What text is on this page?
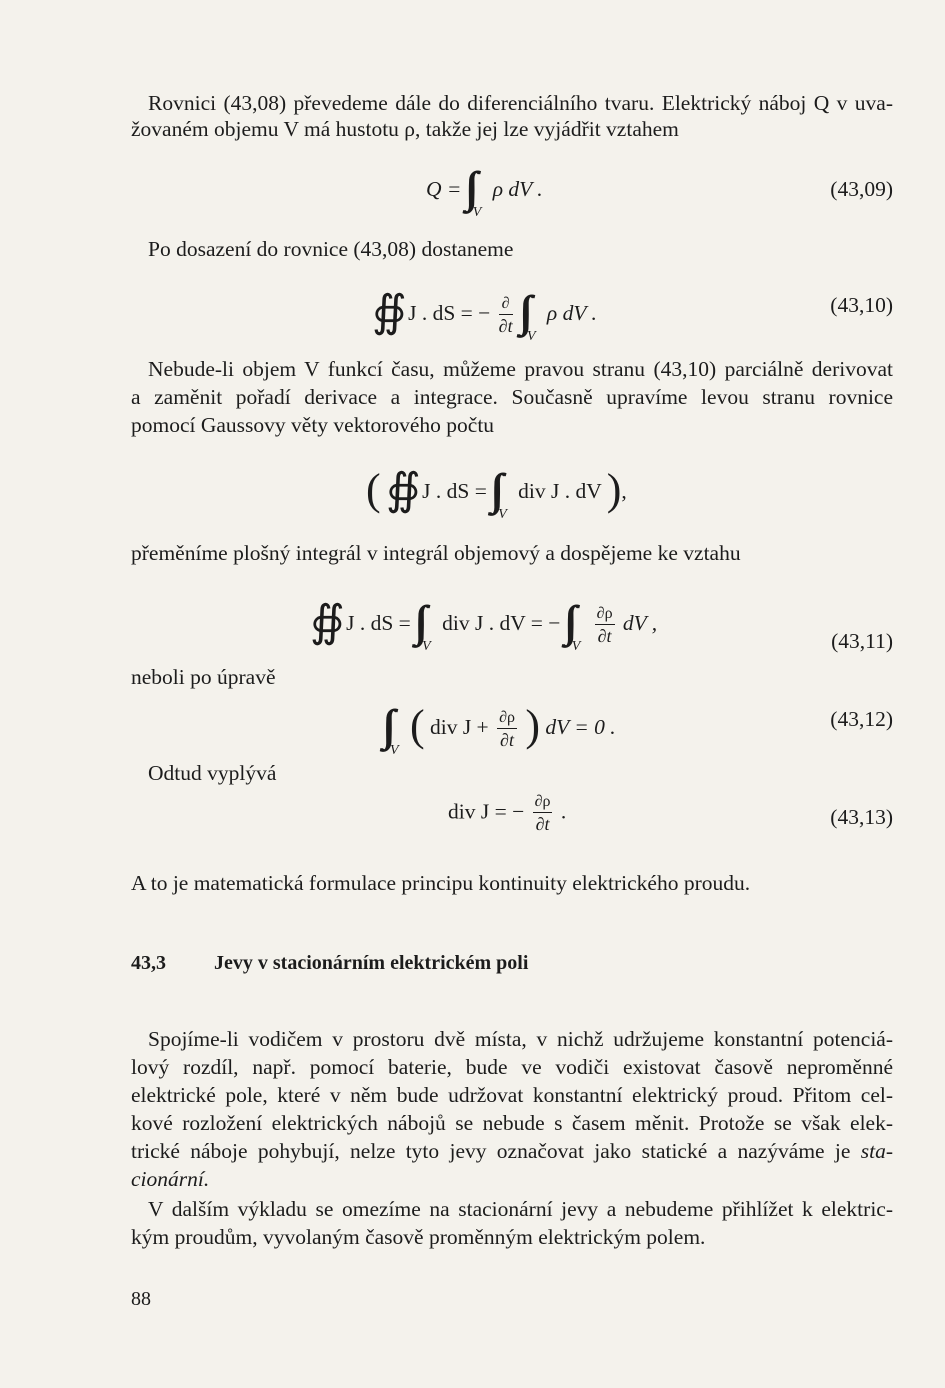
Rovnici (43,08) převedeme dále do diferenciálního tvaru. Elektrický náboj Q v uva-
žovaném objemu V má hustotu ρ, takže jej lze vyjádřit vztahem
Q = $_V$ ρ dV .	(43,09)
Po dosazení do rovnice (43,08) dostaneme
∯ J . dS = − $\frac{\partial}{\partial t}$
$_V$ ρ dV .	(43,10)
Nebude-li objem V funkcí času, můžeme pravou stranu (43,10) parciálně derivovat
a zaměnit pořadí derivace a integrace. Současně upravíme levou stranu rovnice
pomocí Gaussovy věty vektorového počtu
( ∯ J . dS = $_V$ div J . dV ),
přeměníme plošný integrál v integrál objemový a dospějeme ke vztahu
∯ J . dS = $_V$ div J . dV = − $_V$
$\frac{\partial\rho}{\partial t}$ dV ,
(43,11)
neboli po úpravě
$_V$ ( div $J + \frac{\partial\rho}{\partial t}$ ) dV = 0 .	(43,12)
Odtud vyplývá
div J = − $\frac{\partial\rho}{\partial t}$ .	(43,13)
A to je matematická formulace principu kontinuity elektrického proudu.
43,3 Jevy v stacionárním elektrickém poli
Spojíme-li vodičem v prostoru dvě místa, v nichž udržujeme konstantní potenciá-
lový rozdíl, např. pomocí baterie, bude ve vodiči existovat časově neproměnné
elektrické pole, které v něm bude udržovat konstantní elektrický proud. Přitom cel-
kové rozložení elektrických nábojů se nebude s časem měnit. Protože se však elek-
trické náboje pohybují, nelze tyto jevy označovat jako statické a nazýváme je sta-
cionární.
V dalším výkladu se omezíme na stacionární jevy a nebudeme přihlížet k elektric-
kým proudům, vyvolaným časově proměnným elektrickým polem.
88
